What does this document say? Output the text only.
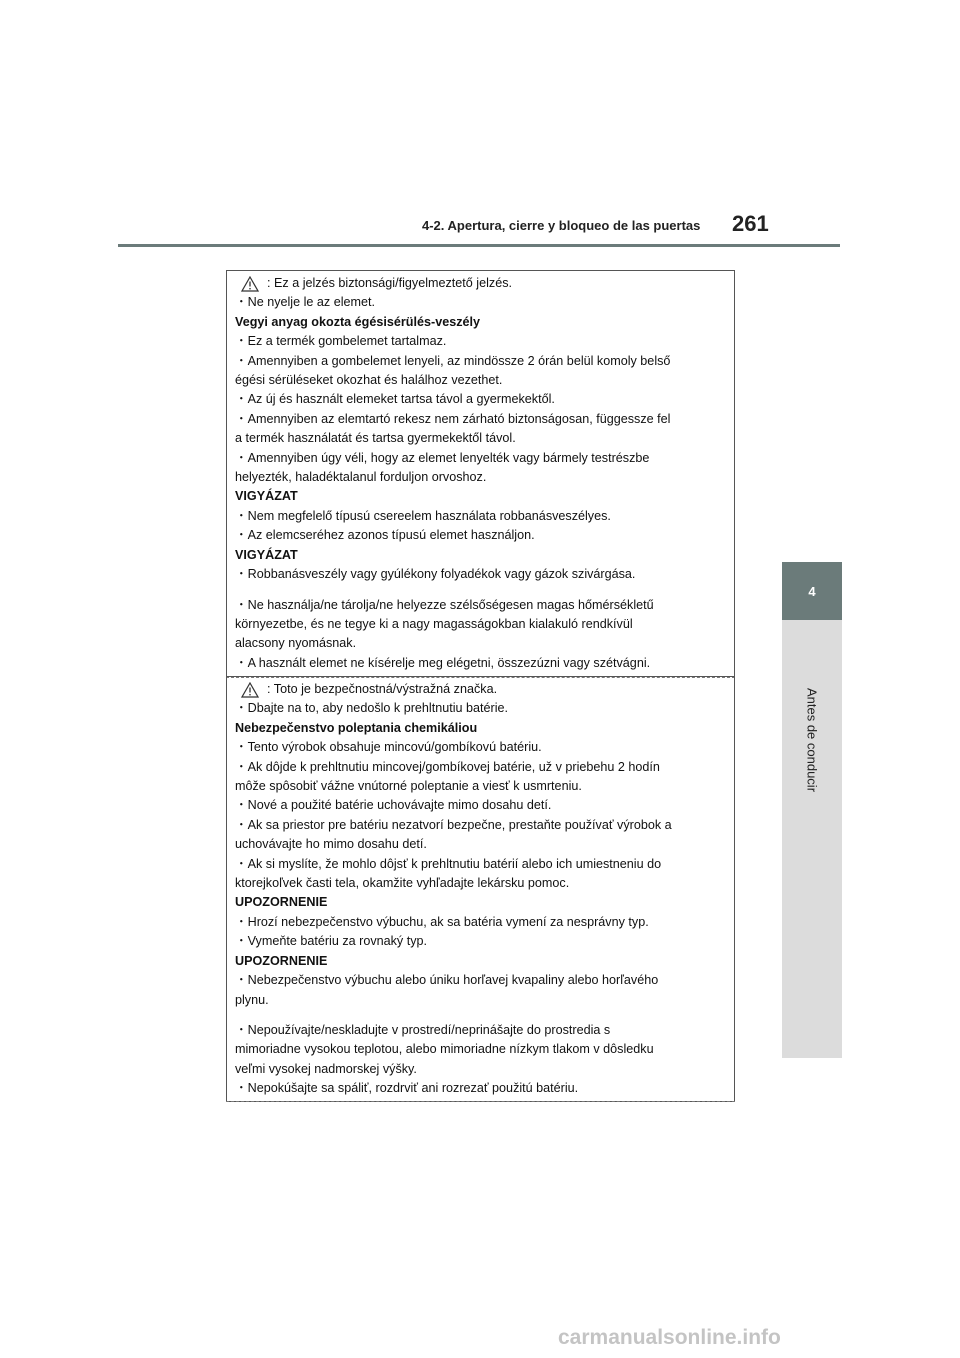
4-2. Apertura, cierre y bloqueo de las puertas 261
4
Antes de conducir
: Ez a jelzés biztonsági/figyelmeztető jelzés.
・Ne nyelje le az elemet.
Vegyi anyag okozta égésisérülés-veszély
・Ez a termék gombelemet tartalmaz.
・Amennyiben a gombelemet lenyeli, az mindössze 2 órán belül komoly belső
égési sérüléseket okozhat és halálhoz vezethet.
・Az új és használt elemeket tartsa távol a gyermekektől.
・Amennyiben az elemtartó rekesz nem zárható biztonságosan, függessze fel
a termék használatát és tartsa gyermekektől távol.
・Amennyiben úgy véli, hogy az elemet lenyelték vagy bármely testrészbe
helyezték, haladéktalanul forduljon orvoshoz.
VIGYÁZAT
・Nem megfelelő típusú csereelem használata robbanásveszélyes.
・Az elemcseréhez azonos típusú elemet használjon.
VIGYÁZAT
・Robbanásveszély vagy gyúlékony folyadékok vagy gázok szivárgása.
・Ne használja/ne tárolja/ne helyezze szélsőségesen magas hőmérsékletű
környezetbe, és ne tegye ki a nagy magasságokban kialakuló rendkívül
alacsony nyomásnak.
・A használt elemet ne kísérelje meg elégetni, összezúzni vagy szétvágni.
: Toto je bezpečnostná/výstražná značka.
・Dbajte na to, aby nedošlo k prehltnutiu batérie.
Nebezpečenstvo poleptania chemikáliou
・Tento výrobok obsahuje mincovú/gombíkovú batériu.
・Ak dôjde k prehltnutiu mincovej/gombíkovej batérie, už v priebehu 2 hodín
môže spôsobiť vážne vnútorné poleptanie a viesť k usmrteniu.
・Nové a použité batérie uchovávajte mimo dosahu detí.
・Ak sa priestor pre batériu nezatvorí bezpečne, prestaňte používať výrobok a
uchovávajte ho mimo dosahu detí.
・Ak si myslíte, že mohlo dôjsť k prehltnutiu batérií alebo ich umiestneniu do
ktorejkoľvek časti tela, okamžite vyhľadajte lekársku pomoc.
UPOZORNENIE
・Hrozí nebezpečenstvo výbuchu, ak sa batéria vymení za nesprávny typ.
・Vymeňte batériu za rovnaký typ.
UPOZORNENIE
・Nebezpečenstvo výbuchu alebo úniku horľavej kvapaliny alebo horľavého
plynu.
・Nepoužívajte/neskladujte v prostredí/neprinášajte do prostredia s
mimoriadne vysokou teplotou, alebo mimoriadne nízkym tlakom v dôsledku
veľmi vysokej nadmorskej výšky.
・Nepokúšajte sa spáliť, rozdrviť ani rozrezať použitú batériu.
carmanualsonline.info
